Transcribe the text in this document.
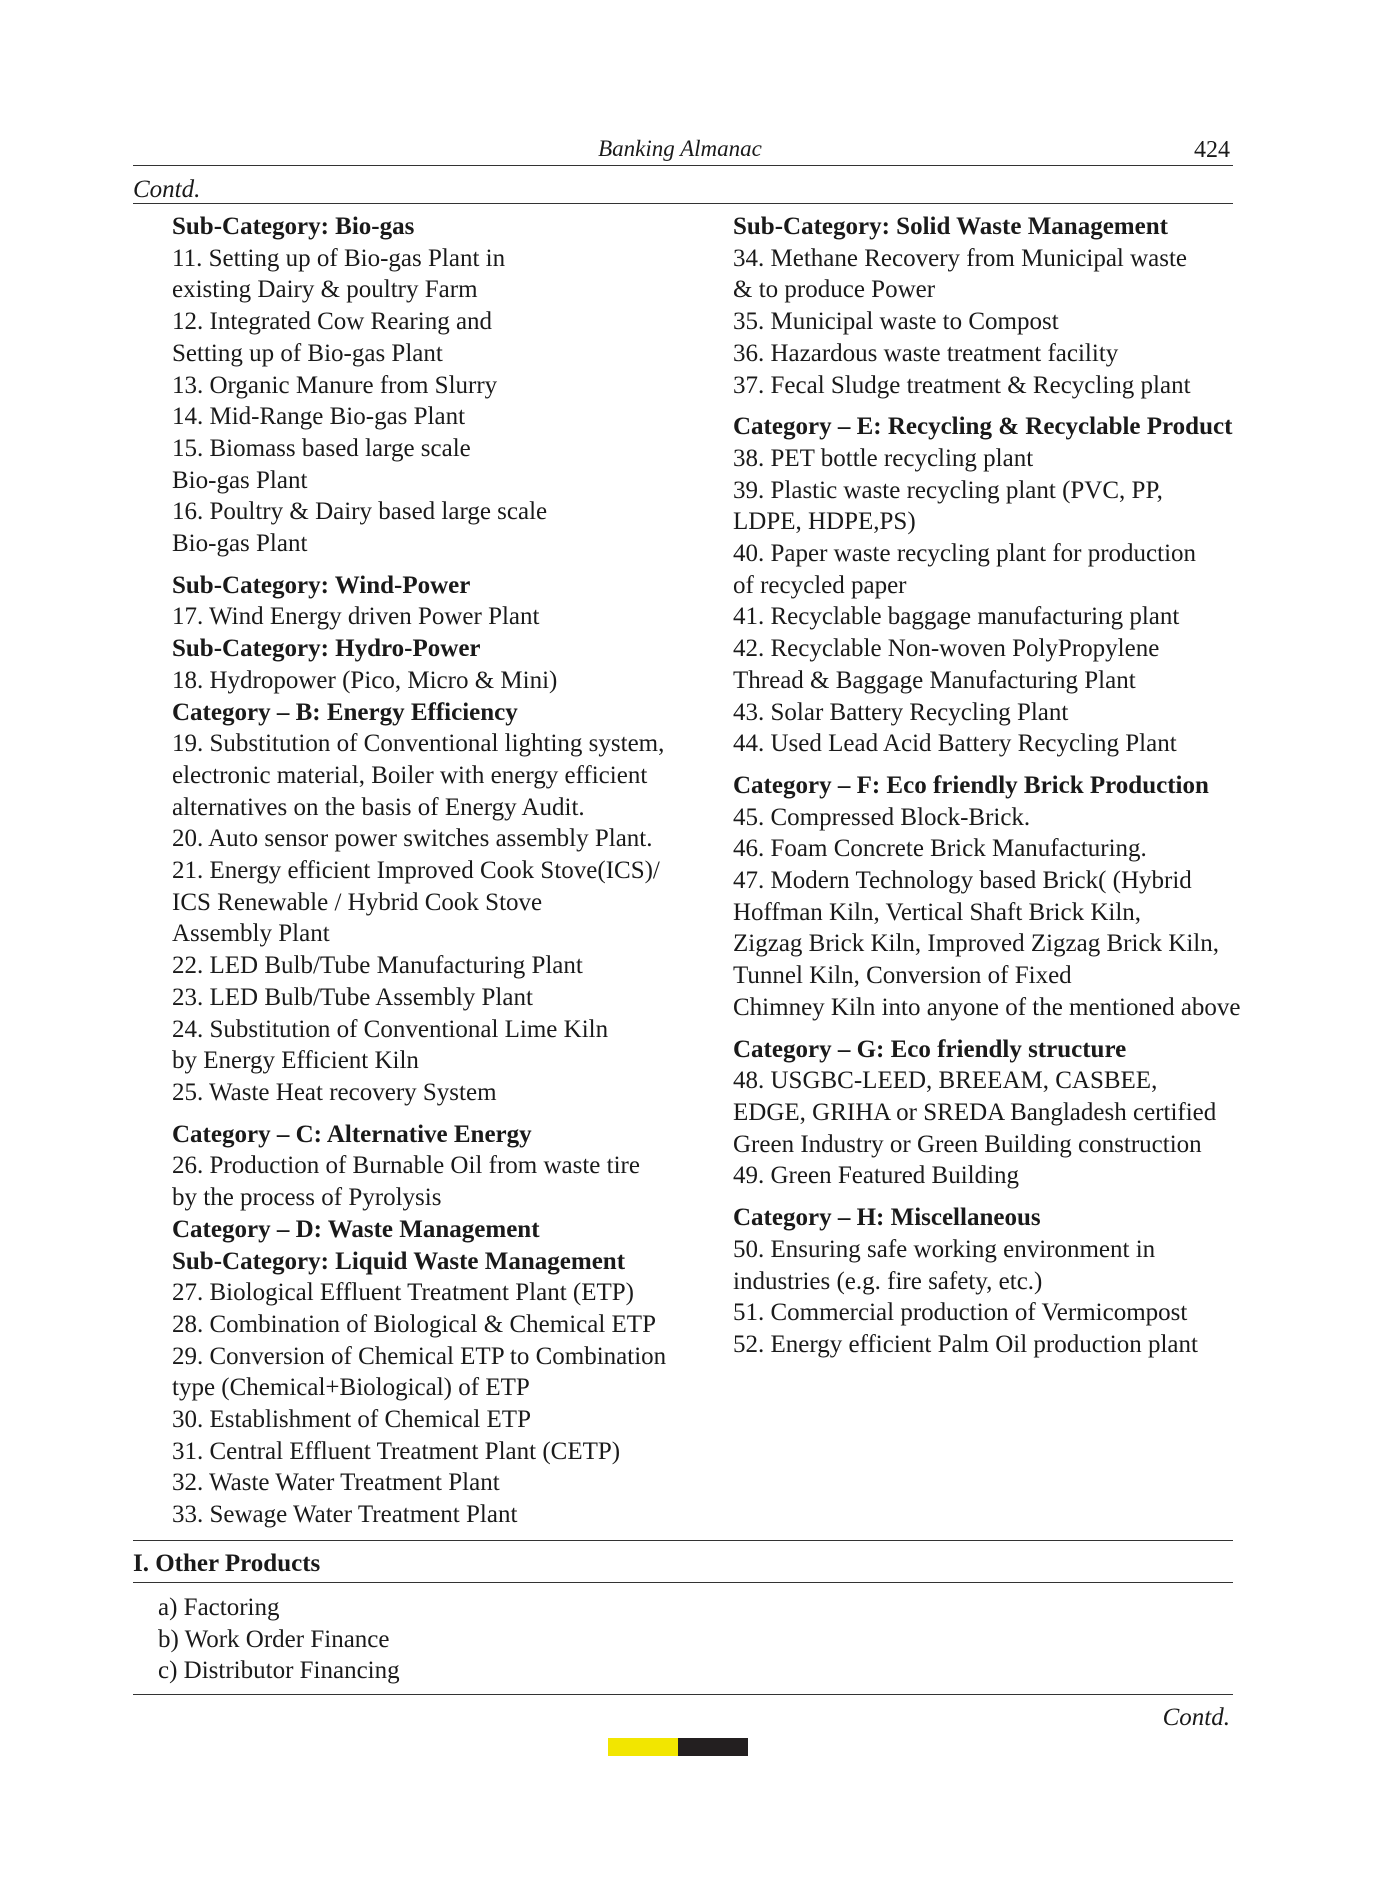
Banking Almanac	424
Contd.
Sub-Category: Bio-gas
11. Setting up of Bio-gas Plant in
existing Dairy & poultry Farm
12. Integrated Cow Rearing and
Setting up of Bio-gas Plant
13. Organic Manure from Slurry
14. Mid-Range Bio-gas Plant
15. Biomass based large scale
Bio-gas Plant
16. Poultry & Dairy based large scale
Bio-gas Plant
Sub-Category: Wind-Power
17. Wind Energy driven Power Plant
Sub-Category: Hydro-Power
18. Hydropower (Pico, Micro & Mini)
Category – B: Energy Efficiency
19. Substitution of Conventional lighting system,
electronic material, Boiler with energy efficient
alternatives on the basis of Energy Audit.
20. Auto sensor power switches assembly Plant.
21. Energy efficient Improved Cook Stove(ICS)/
ICS Renewable / Hybrid Cook Stove
Assembly Plant
22. LED Bulb/Tube Manufacturing Plant
23. LED Bulb/Tube Assembly Plant
24. Substitution of Conventional Lime Kiln
by Energy Efficient Kiln
25. Waste Heat recovery System
Category – C: Alternative Energy
26. Production of Burnable Oil from waste tire
by the process of Pyrolysis
Category – D: Waste Management
Sub-Category: Liquid Waste Management
27. Biological Effluent Treatment Plant (ETP)
28. Combination of Biological & Chemical ETP
29. Conversion of Chemical ETP to Combination
type (Chemical+Biological) of ETP
30. Establishment of Chemical ETP
31. Central Effluent Treatment Plant (CETP)
32. Waste Water Treatment Plant
33. Sewage Water Treatment Plant
Sub-Category: Solid Waste Management
34. Methane Recovery from Municipal waste
& to produce Power
35. Municipal waste to Compost
36. Hazardous waste treatment facility
37. Fecal Sludge treatment & Recycling plant
Category – E: Recycling & Recyclable Product
38. PET bottle recycling plant
39. Plastic waste recycling plant (PVC, PP,
LDPE, HDPE,PS)
40. Paper waste recycling plant for production
of recycled paper
41. Recyclable baggage manufacturing plant
42. Recyclable Non-woven PolyPropylene
Thread & Baggage Manufacturing Plant
43. Solar Battery Recycling Plant
44. Used Lead Acid Battery Recycling Plant
Category – F: Eco friendly Brick Production
45. Compressed Block-Brick.
46. Foam Concrete Brick Manufacturing.
47. Modern Technology based Brick( (Hybrid
Hoffman Kiln, Vertical Shaft Brick Kiln,
Zigzag Brick Kiln, Improved Zigzag Brick Kiln,
Tunnel Kiln, Conversion of Fixed
Chimney Kiln into anyone of the mentioned above
Category – G: Eco friendly structure
48. USGBC-LEED, BREEAM, CASBEE,
EDGE, GRIHA or SREDA Bangladesh certified
Green Industry or Green Building construction
49. Green Featured Building
Category – H: Miscellaneous
50. Ensuring safe working environment in
industries (e.g. fire safety, etc.)
51. Commercial production of Vermicompost
52. Energy efficient Palm Oil production plant
I. Other Products
a) Factoring
b) Work Order Finance
c) Distributor Financing
Contd.
